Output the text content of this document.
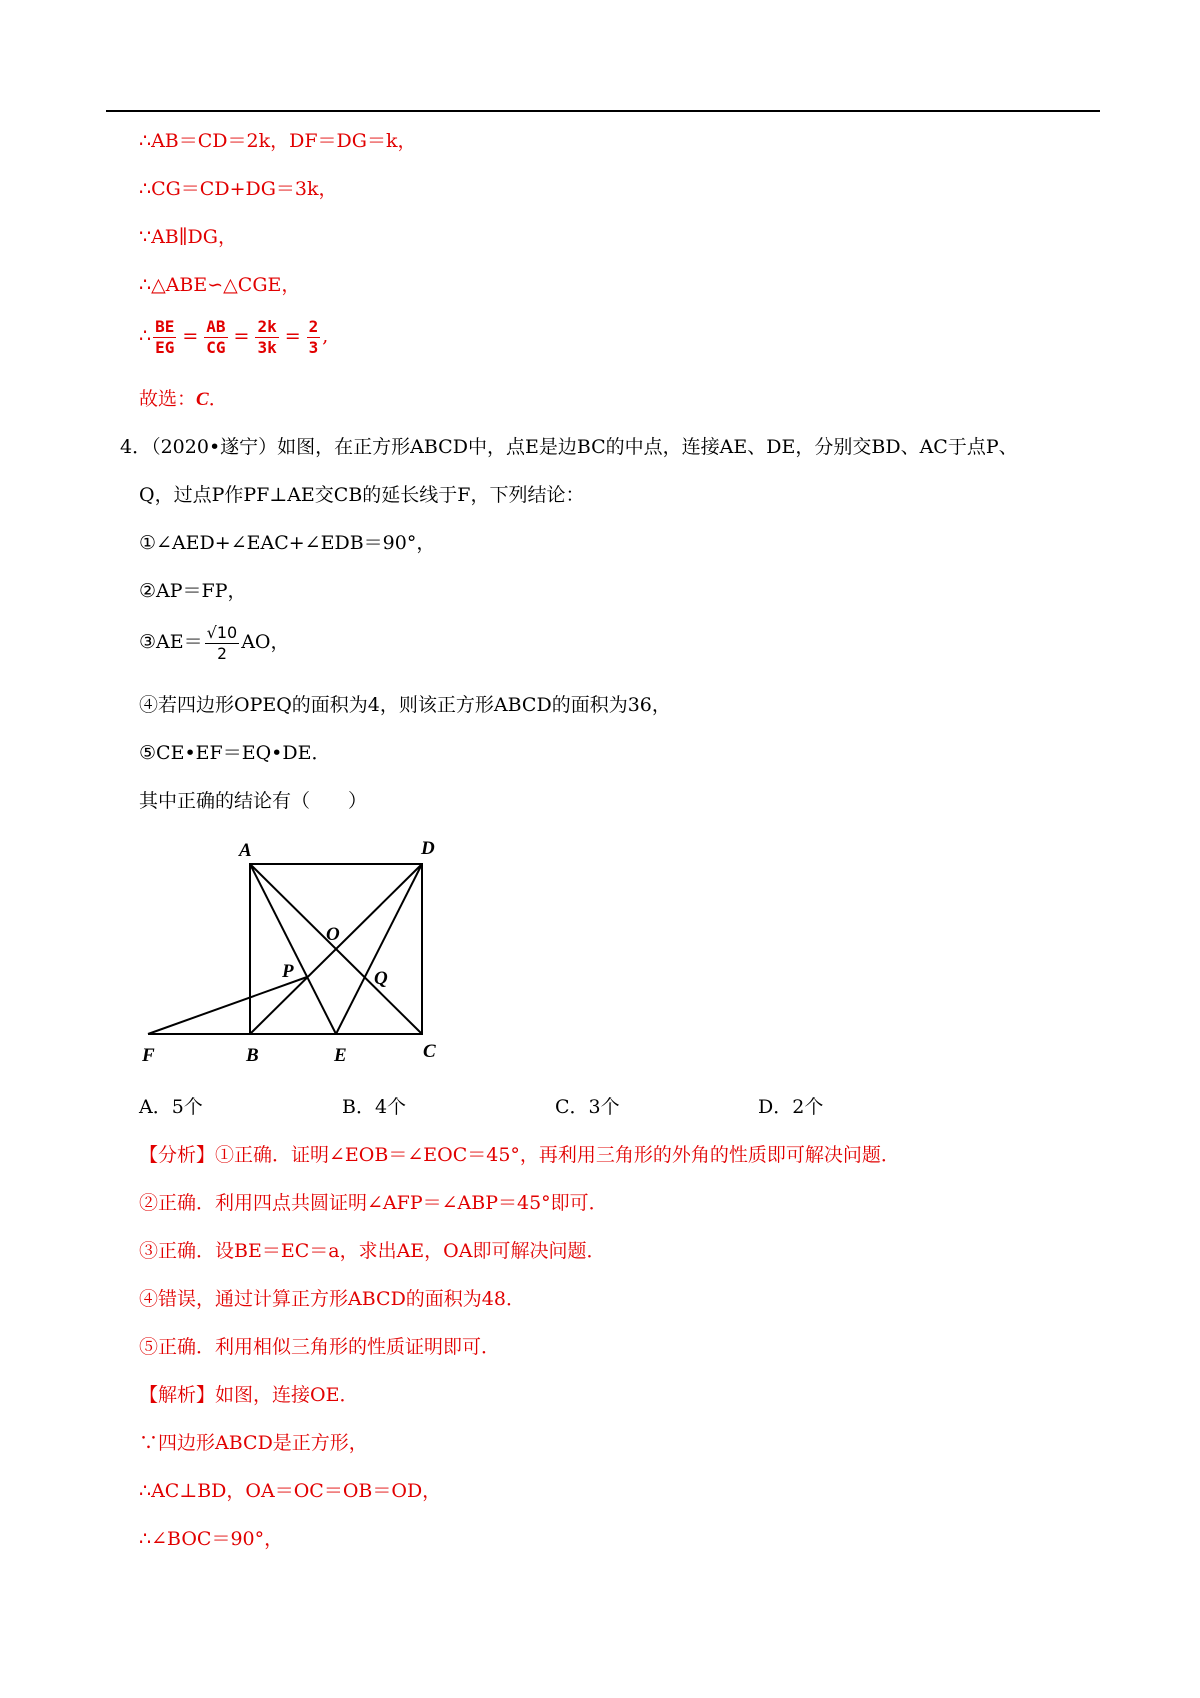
∴AB＝CD＝2k，DF＝DG＝k，
∴CG＝CD+DG＝3k，
∵AB∥DG，
∴△ABE∽△CGE，
∴ $\frac{BE}{EG} = \frac{AB}{CG} = \frac{2k}{3k} = \frac{2}{3}$ ,
故选：C．
4．（2020•遂宁）如图，在正方形ABCD中，点E是边BC的中点，连接AE、DE，分别交BD、AC于点P、
Q，过点P作PF⊥AE交CB的延长线于F，下列结论：
①∠AED+∠EAC+∠EDB＝90°，
②AP＝FP，
③AE＝ $\frac{√10}{2}$ AO，
④若四边形OPEQ的面积为4，则该正方形ABCD的面积为36，
⑤CE•EF＝EQ•DE．
其中正确的结论有（　　）
A	D
O
P	Q
F	B	E	C
A．5个	B．4个	C．3个	D．2个
【分析】①正确．证明∠EOB＝∠EOC＝45°，再利用三角形的外角的性质即可解决问题．
②正确．利用四点共圆证明∠AFP＝∠ABP＝45°即可．
③正确．设BE＝EC＝a，求出AE，OA即可解决问题．
④错误，通过计算正方形ABCD的面积为48．
⑤正确．利用相似三角形的性质证明即可．
【解析】如图，连接OE．
∵四边形ABCD是正方形，
∴AC⊥BD，OA＝OC＝OB＝OD，
∴∠BOC＝90°，
